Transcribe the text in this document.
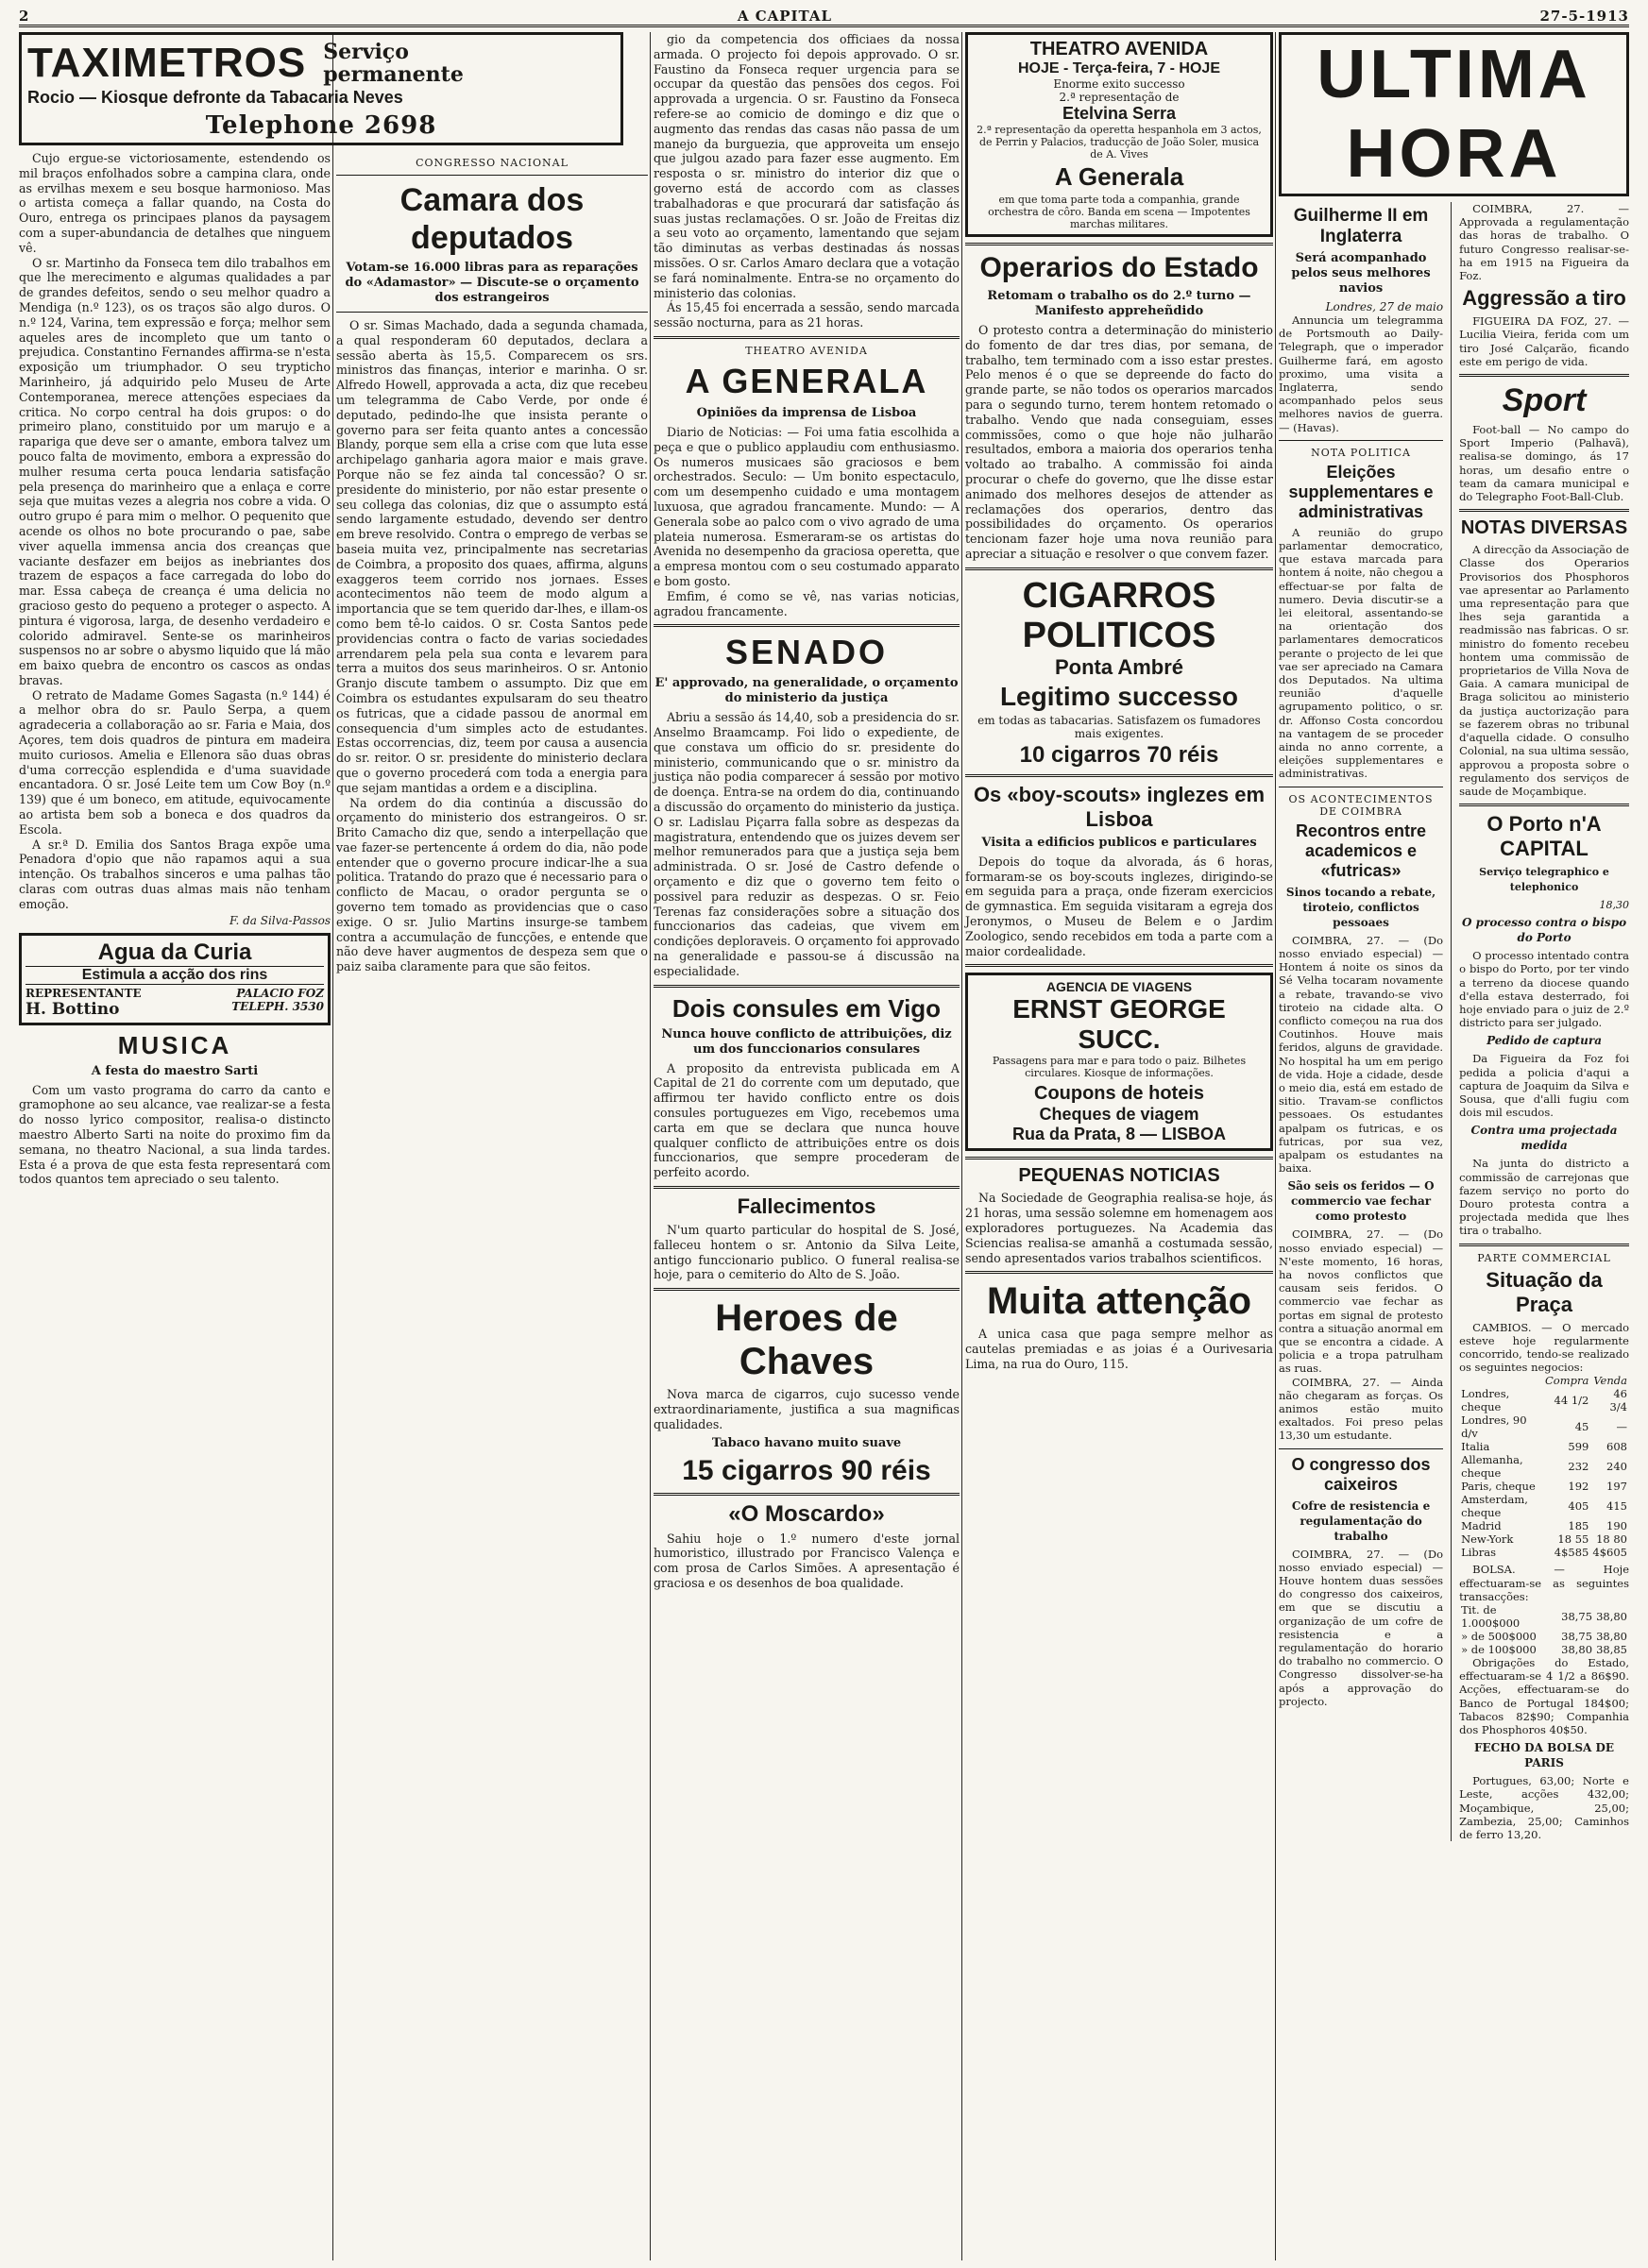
2	A CAPITAL	27-5-1913
TAXIMETROS Serviço permanente
Rocio — Kiosque defronte da Tabacaria Neves
Telephone 2698

Cujo ergue-se victoriosamente, estendendo os mil braços enfolhados sobre a campina clara, onde as ervilhas mexem e seu bosque harmonioso. Mas o artista começa a fallar quando, na Costa do Ouro, entrega os principaes planos da paysagem com a super-abundancia de detalhes que ninguem vê.

O sr. Martinho da Fonseca tem dilo trabalhos em que lhe merecimento e algumas qualidades a par de grandes defeitos, sendo o seu melhor quadro a Mendiga (n.º 123), os os traços são algo duros. O n.º 124, Varina, tem expressão e força; melhor sem aqueles ares de incompleto que um tanto o prejudica. Constantino Fernandes affirma-se n'esta exposição um triumphador. O seu trypticho Marinheiro, já adquirido pelo Museu de Arte Contemporanea, merece attenções especiaes da critica. No corpo central ha dois grupos: o do primeiro plano, constituido por um marujo e a rapariga que deve ser o amante, embora talvez um pouco falta de movimento, embora a expressão do mulher resuma certa pouca lendaria satisfação pela presença do marinheiro que a enlaça e corre seja que muitas vezes a alegria nos cobre a vida. O outro grupo é para mim o melhor. O pequenito que acende os olhos no bote procurando o pae, sabe viver aquella immensa ancia dos creanças que vaciante desfazer em beijos as inebriantes dos trazem de espaços a face carregada do lobo do mar. Essa cabeça de creança é uma delicia no gracioso gesto do pequeno a proteger o aspecto. A pintura é vigorosa, larga, de desenho verdadeiro e colorido admiravel. Sente-se os marinheiros suspensos no ar sobre o abysmo liquido que lá mão em baixo quebra de encontro os cascos as ondas bravas.

O retrato de Madame Gomes Sagasta (n.º 144) é a melhor obra do sr. Paulo Serpa, a quem agradeceria a collaboração ao sr. Faria e Maia, dos Açores, tem dois quadros de pintura em madeira muito curiosos. Amelia e Ellenora são duas obras d'uma correcção esplendida e d'uma suavidade encantadora. O sr. José Leite tem um Cow Boy (n.º 139) que é um boneco, em atitude, equivocamente ao artista bem sob a boneca e dos quadros da Escola.

A sr.ª D. Emilia dos Santos Braga expõe uma Penadora d'opio que não rapamos aqui a sua intenção. Os trabalhos sinceros e uma palhas tão claras com outras duas almas mais não tenham emoção.

F. da Silva-Passos

Agua da Curia
Estimula a acção dos rins
REPRESENTANTE
H. Bottino
PALACIO FOZ
TELEPH. 3530
MUSICA
A festa do maestro Sarti

Com um vasto programa do carro da canto e gramophone ao seu alcance, vae realizar-se a festa do nosso lyrico compositor, realisa-o distincto maestro Alberto Sarti na noite do proximo fim da semana, no theatro Nacional, a sua linda tardes. Esta é a prova de que esta festa representará com todos quantos tem apreciado o seu talento.

CONGRESSO NACIONAL
Camara dos deputados
Votam-se 16.000 libras para as reparações do «Adamastor» — Discute-se o orçamento dos estrangeiros

O sr. Simas Machado, dada a segunda chamada, a qual responderam 60 deputados, declara a sessão aberta às 15,5. Comparecem os srs. ministros das finanças, interior e marinha. O sr. Alfredo Howell, approvada a acta, diz que recebeu um telegramma de Cabo Verde, por onde é deputado, pedindo-lhe que insista perante o governo para ser feita quanto antes a concessão Blandy, porque sem ella a crise com que luta esse archipelago ganharia agora maior e mais grave. Porque não se fez ainda tal concessão? O sr. presidente do ministerio, por não estar presente o seu collega das colonias, diz que o assumpto está sendo largamente estudado, devendo ser dentro em breve resolvido. Contra o emprego de verbas se baseia muita vez, principalmente nas secretarias de Coimbra, a proposito dos quaes, affirma, alguns exaggeros teem corrido nos jornaes. Esses acontecimentos não teem de modo algum a importancia que se tem querido dar-lhes, e illam-os como bem tê-lo caidos. O sr. Costa Santos pede providencias contra o facto de varias sociedades arrendarem pela pela sua conta e levarem para terra a muitos dos seus marinheiros. O sr. Antonio Granjo discute tambem o assumpto. Diz que em Coimbra os estudantes expulsaram do seu theatro os futricas, que a cidade passou de anormal em consequencia d'um simples acto de estudantes. Estas occorrencias, diz, teem por causa a ausencia do sr. reitor. O sr. presidente do ministerio declara que o governo procederá com toda a energia para que sejam mantidas a ordem e a disciplina.

Na ordem do dia continúa a discussão do orçamento do ministerio dos estrangeiros. O sr. Brito Camacho diz que, sendo a interpellação que vae fazer-se pertencente á ordem do dia, não pode entender que o governo procure indicar-lhe a sua politica. Tratando do prazo que é necessario para o conflicto de Macau, o orador pergunta se o governo tem tomado as providencias que o caso exige. O sr. Julio Martins insurge-se tambem contra a accumulação de funcções, e entende que não deve haver augmentos de despeza sem que o paiz saiba claramente para que são feitos.

gio da competencia dos officiaes da nossa armada. O projecto foi depois approvado. O sr. Faustino da Fonseca requer urgencia para se occupar da questão das pensões dos cegos. Foi approvada a urgencia. O sr. Faustino da Fonseca refere-se ao comicio de domingo e diz que o augmento das rendas das casas não passa de um manejo da burguezia, que approveita um ensejo que julgou azado para fazer esse augmento. Em resposta o sr. ministro do interior diz que o governo está de accordo com as classes trabalhadoras e que procurará dar satisfação ás suas justas reclamações. O sr. João de Freitas diz a seu voto ao orçamento, lamentando que sejam tão diminutas as verbas destinadas ás nossas missões. O sr. Carlos Amaro declara que a votação se fará nominalmente. Entra-se no orçamento do ministerio das colonias.

Ás 15,45 foi encerrada a sessão, sendo marcada sessão nocturna, para as 21 horas.

THEATRO AVENIDA
A GENERALA
Opiniões da imprensa de Lisboa

Diario de Noticias: — Foi uma fatia escolhida a peça e que o publico applaudiu com enthusiasmo. Os numeros musicaes são graciosos e bem orchestrados. Seculo: — Um bonito espectaculo, com um desempenho cuidado e uma montagem luxuosa, que agradou francamente. Mundo: — A Generala sobe ao palco com o vivo agrado de uma plateia numerosa. Esmeraram-se os artistas do Avenida no desempenho da graciosa operetta, que a empresa montou com o seu costumado apparato e bom gosto.

Emfim, é como se vê, nas varias noticias, agradou francamente.

SENADO
E' approvado, na generalidade, o orçamento do ministerio da justiça

Abriu a sessão ás 14,40, sob a presidencia do sr. Anselmo Braamcamp. Foi lido o expediente, de que constava um officio do sr. presidente do ministerio, communicando que o sr. ministro da justiça não podia comparecer á sessão por motivo de doença. Entra-se na ordem do dia, continuando a discussão do orçamento do ministerio da justiça. O sr. Ladislau Piçarra falla sobre as despezas da magistratura, entendendo que os juizes devem ser melhor remunerados para que a justiça seja bem administrada. O sr. José de Castro defende o orçamento e diz que o governo tem feito o possivel para reduzir as despezas. O sr. Feio Terenas faz considerações sobre a situação dos funccionarios das cadeias, que vivem em condições deploraveis. O orçamento foi approvado na generalidade e passou-se á discussão na especialidade.

Dois consules em Vigo
Nunca houve conflicto de attribuições, diz um dos funccionarios consulares

A proposito da entrevista publicada em A Capital de 21 do corrente com um deputado, que affirmou ter havido conflicto entre os dois consules portuguezes em Vigo, recebemos uma carta em que se declara que nunca houve qualquer conflicto de attribuições entre os dois funccionarios, que sempre procederam de perfeito acordo.

Fallecimentos

N'um quarto particular do hospital de S. José, falleceu hontem o sr. Antonio da Silva Leite, antigo funccionario publico. O funeral realisa-se hoje, para o cemiterio do Alto de S. João.

Heroes de Chaves

Nova marca de cigarros, cujo sucesso vende extraordinariamente, justifica a sua magnificas qualidades.

Tabaco havano muito suave
15 cigarros 90 réis
«O Moscardo»

Sahiu hoje o 1.º numero d'este jornal humoristico, illustrado por Francisco Valença e com prosa de Carlos Simões. A apresentação é graciosa e os desenhos de boa qualidade.

THEATRO AVENIDA
HOJE - Terça-feira, 7 - HOJE
Enorme exito successo
2.ª representação de
Etelvina Serra
2.ª representação da operetta hespanhola em 3 actos, de Perrin y Palacios, traducção de João Soler, musica de A. Vives
A Generala
em que toma parte toda a companhia, grande orchestra de côro. Banda em scena — Impotentes marchas militares.
Operarios do Estado
Retomam o trabalho os do 2.º turno — Manifesto appreheñdido

O protesto contra a determinação do ministerio do fomento de dar tres dias, por semana, de trabalho, tem terminado com a isso estar prestes. Pelo menos é o que se depreende do facto do grande parte, se não todos os operarios marcados para o segundo turno, terem hontem retomado o trabalho. Vendo que nada conseguiam, esses commissões, como o que hoje não julharão resultados, embora a maioria dos operarios tenha voltado ao trabalho. A commissão foi ainda procurar o chefe do governo, que lhe disse estar animado dos melhores desejos de attender as reclamações dos operarios, dentro das possibilidades do orçamento. Os operarios tencionam fazer hoje uma nova reunião para apreciar a situação e resolver o que convem fazer.

CIGARROS POLITICOS
Ponta Ambré
Legitimo successo
em todas as tabacarias. Satisfazem os fumadores mais exigentes.
10 cigarros 70 réis
Os «boy-scouts» inglezes em Lisboa
Visita a edificios publicos e particulares

Depois do toque da alvorada, ás 6 horas, formaram-se os boy-scouts inglezes, dirigindo-se em seguida para a praça, onde fizeram exercicios de gymnastica. Em seguida visitaram a egreja dos Jeronymos, o Museu de Belem e o Jardim Zoologico, sendo recebidos em toda a parte com a maior cordealidade.

AGENCIA DE VIAGENS
ERNST GEORGE SUCC.
Passagens para mar e para todo o paiz. Bilhetes circulares. Kiosque de informações.
Coupons de hoteis
Cheques de viagem
Rua da Prata, 8 — LISBOA
PEQUENAS NOTICIAS

Na Sociedade de Geographia realisa-se hoje, ás 21 horas, uma sessão solemne em homenagem aos exploradores portuguezes. Na Academia das Sciencias realisa-se amanhã a costumada sessão, sendo apresentados varios trabalhos scientificos.

Muita attenção

A unica casa que paga sempre melhor as cautelas premiadas e as joias é a Ourivesaria Lima, na rua do Ouro, 115.

ULTIMA HORA
Guilherme II em Inglaterra
Será acompanhado pelos seus melhores navios
Londres, 27 de maio

Annuncia um telegramma de Portsmouth ao Daily-Telegraph, que o imperador Guilherme fará, em agosto proximo, uma visita a Inglaterra, sendo acompanhado pelos seus melhores navios de guerra. — (Havas).

NOTA POLITICA
Eleições supplementares e administrativas

A reunião do grupo parlamentar democratico, que estava marcada para hontem á noite, não chegou a effectuar-se por falta de numero. Devia discutir-se a lei eleitoral, assentando-se na orientação dos parlamentares democraticos perante o projecto de lei que vae ser apreciado na Camara dos Deputados. Na ultima reunião d'aquelle agrupamento politico, o sr. dr. Affonso Costa concordou na vantagem de se proceder ainda no anno corrente, a eleições supplementares e administrativas.

OS ACONTECIMENTOS DE COIMBRA
Recontros entre academicos e «futricas»
Sinos tocando a rebate, tiroteio, conflictos pessoaes

COIMBRA, 27. — (Do nosso enviado especial) — Hontem á noite os sinos da Sé Velha tocaram novamente a rebate, travando-se vivo tiroteio na cidade alta. O conflicto começou na rua dos Coutinhos. Houve mais feridos, alguns de gravidade. No hospital ha um em perigo de vida. Hoje a cidade, desde o meio dia, está em estado de sitio. Travam-se conflictos pessoaes. Os estudantes apalpam os futricas, e os futricas, por sua vez, apalpam os estudantes na baixa.

São seis os feridos — O commercio vae fechar como protesto

COIMBRA, 27. — (Do nosso enviado especial) — N'este momento, 16 horas, ha novos conflictos que causam seis feridos. O commercio vae fechar as portas em signal de protesto contra a situação anormal em que se encontra a cidade. A policia e a tropa patrulham as ruas.

COIMBRA, 27. — Ainda não chegaram as forças. Os animos estão muito exaltados. Foi preso pelas 13,30 um estudante.

O congresso dos caixeiros
Cofre de resistencia e regulamentação do trabalho

COIMBRA, 27. — (Do nosso enviado especial) — Houve hontem duas sessões do congresso dos caixeiros, em que se discutiu a organização de um cofre de resistencia e a regulamentação do horario do trabalho no commercio. O Congresso dissolver-se-ha após a approvação do projecto.

COIMBRA, 27. — Approvada a regulamentação das horas de trabalho. O futuro Congresso realisar-se-ha em 1915 na Figueira da Foz.

Aggressão a tiro

FIGUEIRA DA FOZ, 27. — Lucilia Vieira, ferida com um tiro José Calçarão, ficando este em perigo de vida.

Sport

Foot-ball — No campo do Sport Imperio (Palhavã), realisa-se domingo, ás 17 horas, um desafio entre o team da camara municipal e do Telegrapho Foot-Ball-Club.

NOTAS DIVERSAS

A direcção da Associação de Classe dos Operarios Provisorios dos Phosphoros vae apresentar ao Parlamento uma representação para que lhes seja garantida a readmissão nas fabricas. O sr. ministro do fomento recebeu hontem uma commissão de proprietarios de Villa Nova de Gaia. A camara municipal de Braga solicitou ao ministerio da justiça auctorização para se fazerem obras no tribunal d'aquella cidade. O consulho Colonial, na sua ultima sessão, approvou a proposta sobre o regulamento dos serviços de saude de Moçambique.

O Porto n'A CAPITAL
Serviço telegraphico e telephonico
18,30
O processo contra o bispo do Porto

O processo intentado contra o bispo do Porto, por ter vindo a terreno da diocese quando d'ella estava desterrado, foi hoje enviado para o juiz de 2.º districto para ser julgado.

Pedido de captura

Da Figueira da Foz foi pedida a policia d'aqui a captura de Joaquim da Silva e Sousa, que d'alli fugiu com dois mil escudos.

Contra uma projectada medida

Na junta do districto a commissão de carrejonas que fazem serviço no porto do Douro protesta contra a projectada medida que lhes tira o trabalho.

PARTE COMMERCIAL
Situação da Praça

CAMBIOS. — O mercado esteve hoje regularmente concorrido, tendo-se realizado os seguintes negocios:

	Compra	Venda
Londres, cheque	44 1/2	46 3/4
Londres, 90 d/v	45	—
Italia	599	608
Allemanha, cheque	232	240
Paris, cheque	192	197
Amsterdam, cheque	405	415
Madrid	185	190
New-York	18 55	18 80
Libras	4$585	4$605

BOLSA. — Hoje effectuaram-se as seguintes transacções:

Tit. de 1.000$000	38,75	38,80
» de 500$000	38,75	38,80
» de 100$000	38,80	38,85

Obrigações do Estado, effectuaram-se 4 1/2 a 86$90. Acções, effectuaram-se do Banco de Portugal 184$00; Tabacos 82$90; Companhia dos Phosphoros 40$50.

FECHO DA BOLSA DE PARIS

Portugues, 63,00; Norte e Leste, acções 432,00; Moçambique, 25,00; Zambezia, 25,00; Caminhos de ferro 13,20.
